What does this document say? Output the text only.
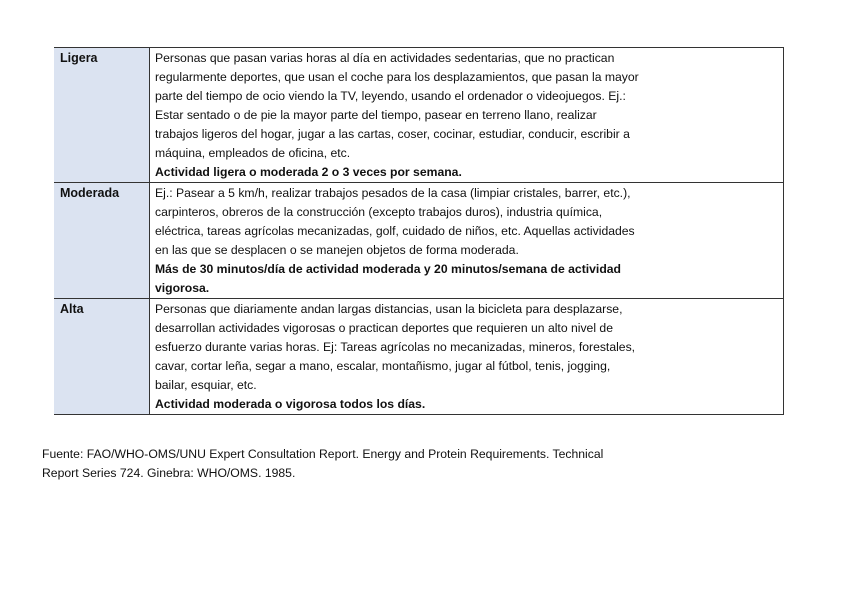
Ligera	Personas que pasan varias horas al día en actividades sedentarias, que no practican
regularmente deportes, que usan el coche para los desplazamientos, que pasan la mayor
parte del tiempo de ocio viendo la TV, leyendo, usando el ordenador o videojuegos. Ej.:
Estar sentado o de pie la mayor parte del tiempo, pasear en terreno llano, realizar
trabajos ligeros del hogar, jugar a las cartas, coser, cocinar, estudiar, conducir, escribir a
máquina, empleados de oficina, etc.
Actividad ligera o moderada 2 o 3 veces por semana.
Moderada	Ej.: Pasear a 5 km/h, realizar trabajos pesados de la casa (limpiar cristales, barrer, etc.),
carpinteros, obreros de la construcción (excepto trabajos duros), industria química,
eléctrica, tareas agrícolas mecanizadas, golf, cuidado de niños, etc. Aquellas actividades
en las que se desplacen o se manejen objetos de forma moderada.
Más de 30 minutos/día de actividad moderada y 20 minutos/semana de actividad
vigorosa.
Alta	Personas que diariamente andan largas distancias, usan la bicicleta para desplazarse,
desarrollan actividades vigorosas o practican deportes que requieren un alto nivel de
esfuerzo durante varias horas. Ej: Tareas agrícolas no mecanizadas, mineros, forestales,
cavar, cortar leña, segar a mano, escalar, montañismo, jugar al fútbol, tenis, jogging,
bailar, esquiar, etc.
Actividad moderada o vigorosa todos los días.
Fuente: FAO/WHO-OMS/UNU Expert Consultation Report. Energy and Protein Requirements. Technical
Report Series 724. Ginebra: WHO/OMS. 1985.
